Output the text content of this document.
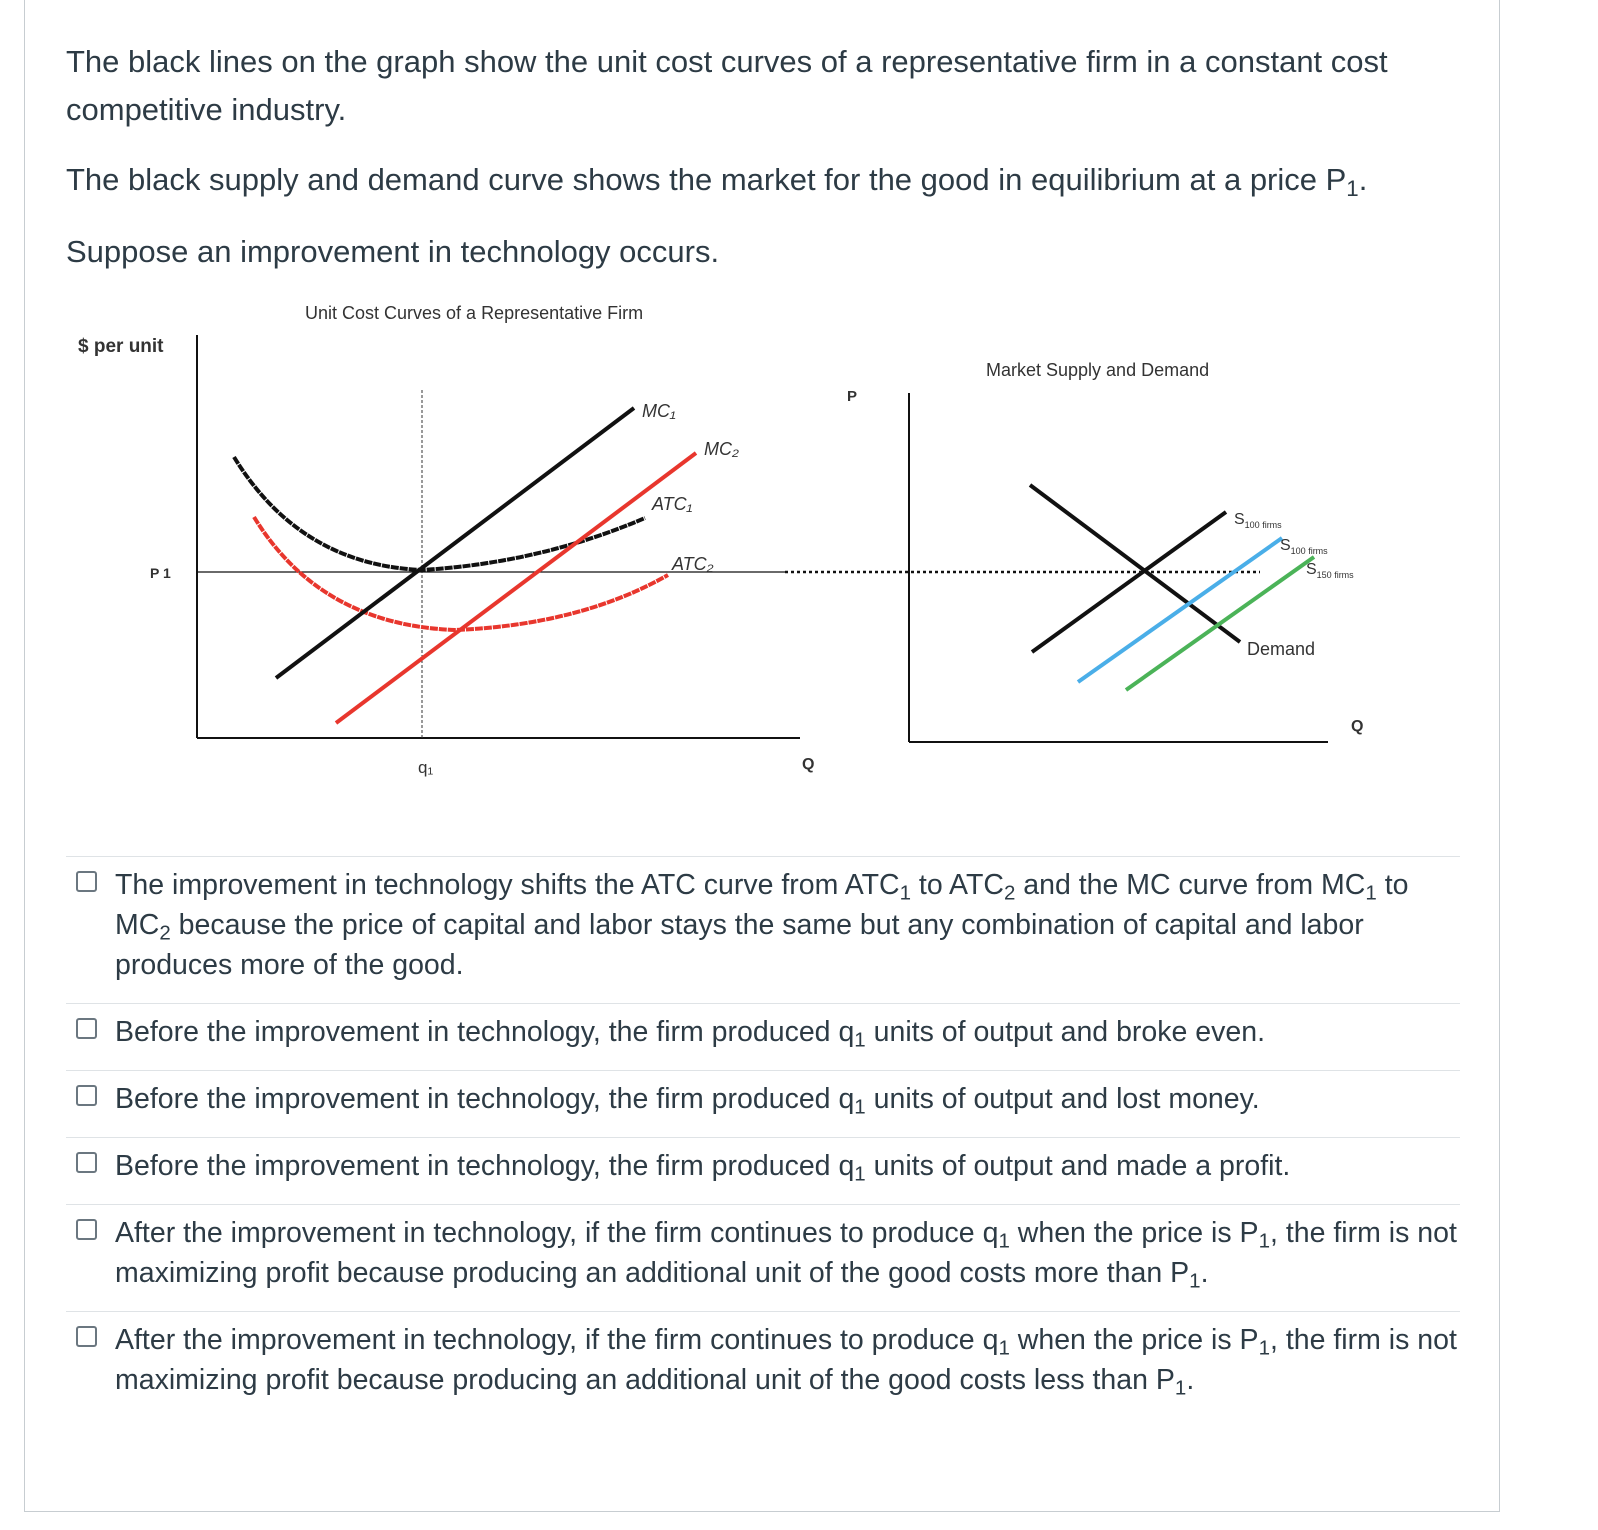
The black lines on the graph show the unit cost curves of a representative firm in a constant cost competitive industry.

The black supply and demand curve shows the market for the good in equilibrium at a price $P_1$.

Suppose an improvement in technology occurs.

Unit Cost Curves of a Representative Firm
$ per unit
P 1
q₁	Q
MC₁
MC₂
ATC₁
ATC₂
Market Supply and Demand
P
Q
$S_{100 firms}$
$S_{100 firms}$
$S_{150 firms}$
Demand
The improvement in technology shifts the ATC curve from $ATC_1$ to $ATC_2$ and the MC curve from $MC_1$ to $MC_2$ because the price of capital and labor stays the same but any combination of capital and labor produces more of the good.
Before the improvement in technology, the firm produced $q_1$ units of output and broke even.
Before the improvement in technology, the firm produced $q_1$ units of output and lost money.
Before the improvement in technology, the firm produced $q_1$ units of output and made a profit.
After the improvement in technology, if the firm continues to produce $q_1$ when the price is $P_1$, the firm is not maximizing profit because producing an additional unit of the good costs more than $P_1$.
After the improvement in technology, if the firm continues to produce $q_1$ when the price is $P_1$, the firm is not maximizing profit because producing an additional unit of the good costs less than $P_1$.
